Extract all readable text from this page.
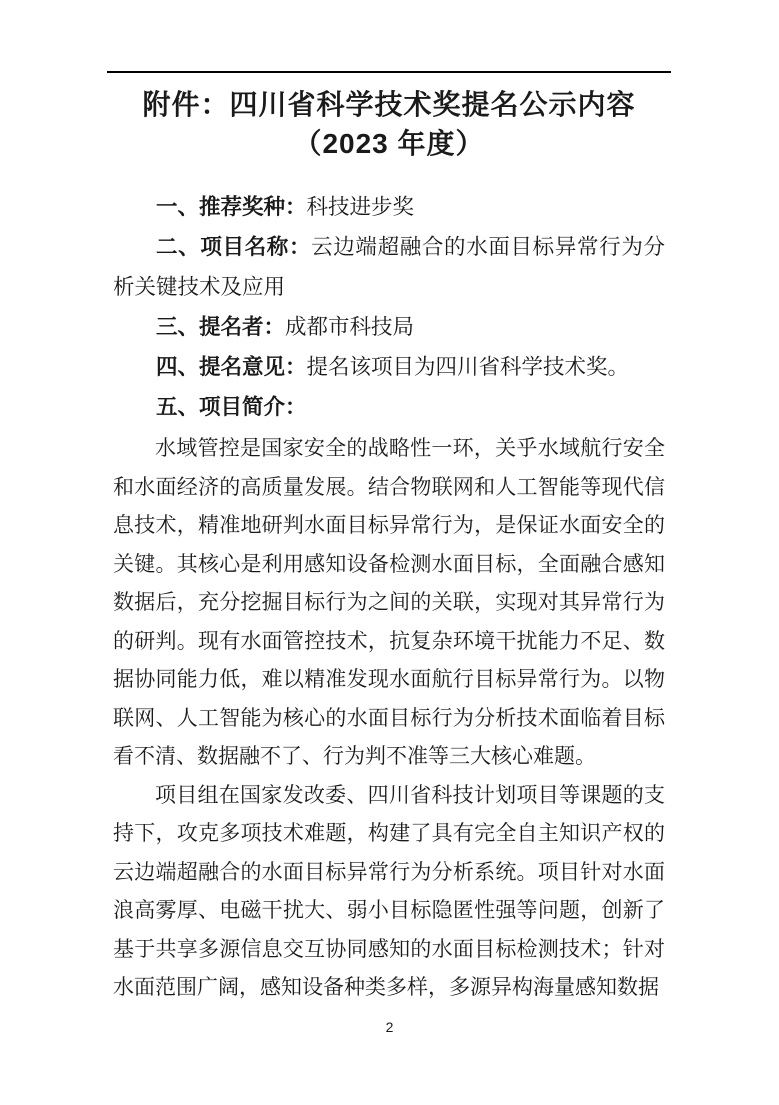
附件：四川省科学技术奖提名公示内容
（2023 年度）

一、推荐奖种：科技进步奖

二、项目名称：云边端超融合的水面目标异常行为分析关键技术及应用

三、提名者：成都市科技局

四、提名意见：提名该项目为四川省科学技术奖。

五、项目简介：

水域管控是国家安全的战略性一环，关乎水域航行安全和水面经济的高质量发展。结合物联网和人工智能等现代信息技术，精准地研判水面目标异常行为，是保证水面安全的关键。其核心是利用感知设备检测水面目标，全面融合感知数据后，充分挖掘目标行为之间的关联，实现对其异常行为的研判。现有水面管控技术，抗复杂环境干扰能力不足、数据协同能力低，难以精准发现水面航行目标异常行为。以物联网、人工智能为核心的水面目标行为分析技术面临着目标看不清、数据融不了、行为判不准等三大核心难题。

项目组在国家发改委、四川省科技计划项目等课题的支持下，攻克多项技术难题，构建了具有完全自主知识产权的云边端超融合的水面目标异常行为分析系统。项目针对水面浪高雾厚、电磁干扰大、弱小目标隐匿性强等问题，创新了基于共享多源信息交互协同感知的水面目标检测技术；针对水面范围广阔，感知设备种类多样，多源异构海量感知数据

2
